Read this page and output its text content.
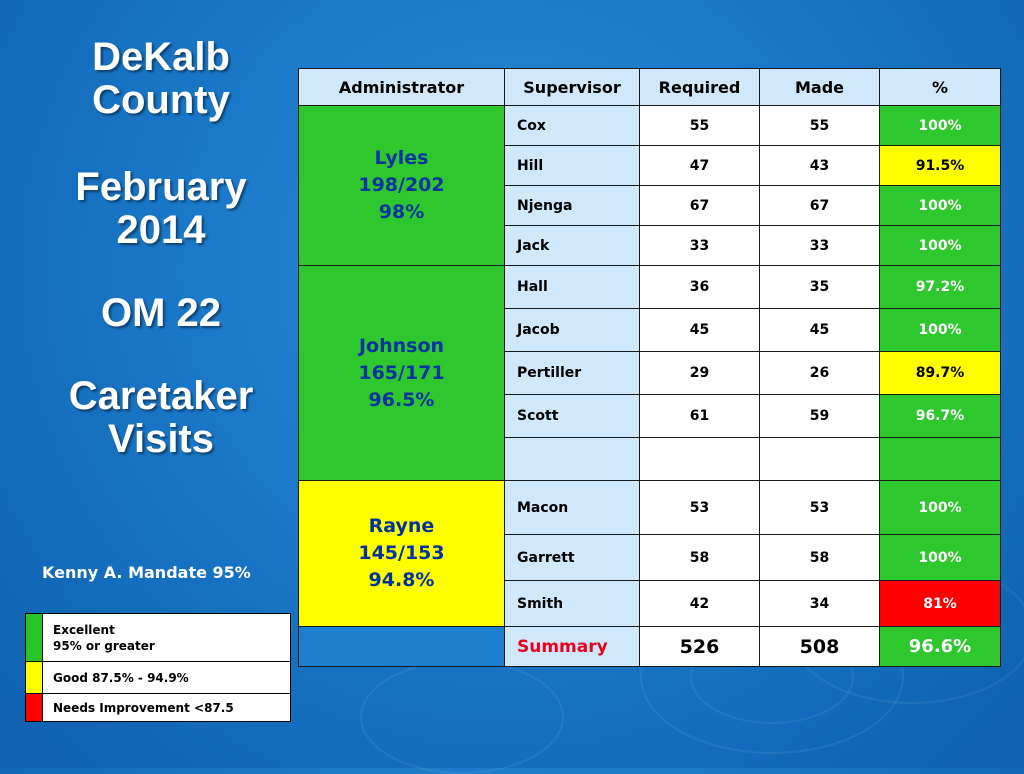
DeKalb
County
February
2014
OM 22
Caretaker
Visits
Kenny A. Mandate 95%

	Excellent
95% or greater

	Good 87.5% - 94.9%
	Needs Improvement <87.5
Administrator	Supervisor	Required	Made	%

Lyles
198/202
98%	Cox	55	55	100%
	Hill	47	43	91.5%
	Njenga	67	67	100%
	Jack	33	33	100%

Johnson
165/171
96.5%	Hall	36	35	97.2%
	Jacob	45	45	100%
	Pertiller	29	26	89.7%
	Scott	61	59	96.7%

Rayne
145/153
94.8%	Macon	53	53	100%
	Garrett	58	58	100%
	Smith	42	34	81%
	Summary	526	508	96.6%
